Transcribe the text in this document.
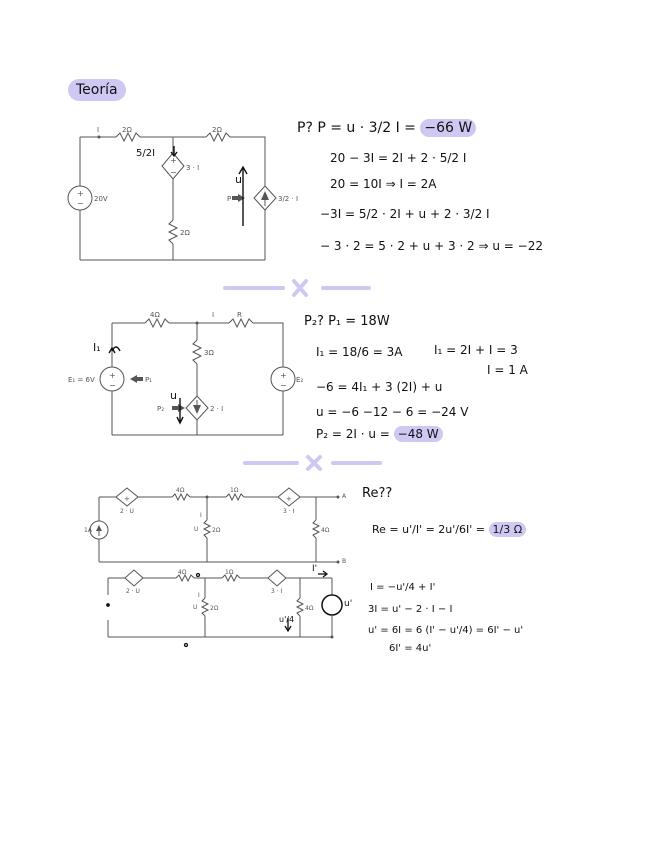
Teoría
+
−
+
−
+
−
+
−
+	+
I	2Ω	2Ω
5/2I
3 · I
20V
2Ω
u
P	3/2 · I
P? P = u · 3/2 I = −66 W
20 − 3I = 2I + 2 · 5/2 I
20 = 10I ⇒ I = 2A
−3I = 5/2 · 2I + u + 2 · 3/2 I
− 3 · 2 = 5 · 2 + u + 3 · 2 ⇒ u = −22
4Ω	I	R
3Ω
E₁ = 6V	P₁
P₂	2 · I
E₂
I₁
u
P₂? P₁ = 18W
I₁ = 18/6 = 3A	I₁ = 2I + I = 3
I = 1 A
−6 = 4I₁ + 3 (2I) + u
u = −6 −12 − 6 = −24 V
P₂ = 2I · u = −48 W
4Ω	1Ω
2 · U	3 · I
A
B
I
U 2Ω	4Ω
1A
4Ω	1Ω
2 · U	3 · I
I
U 2Ω	4Ω	u'
I'
u'/4
Re??
Re = u'/I' = 2u'/6I' = 1/3 Ω
I = −u'/4 + I'
3I = u' − 2 · I − I
u' = 6I = 6 (I' − u'/4) = 6I' − u'
6I' = 4u'
